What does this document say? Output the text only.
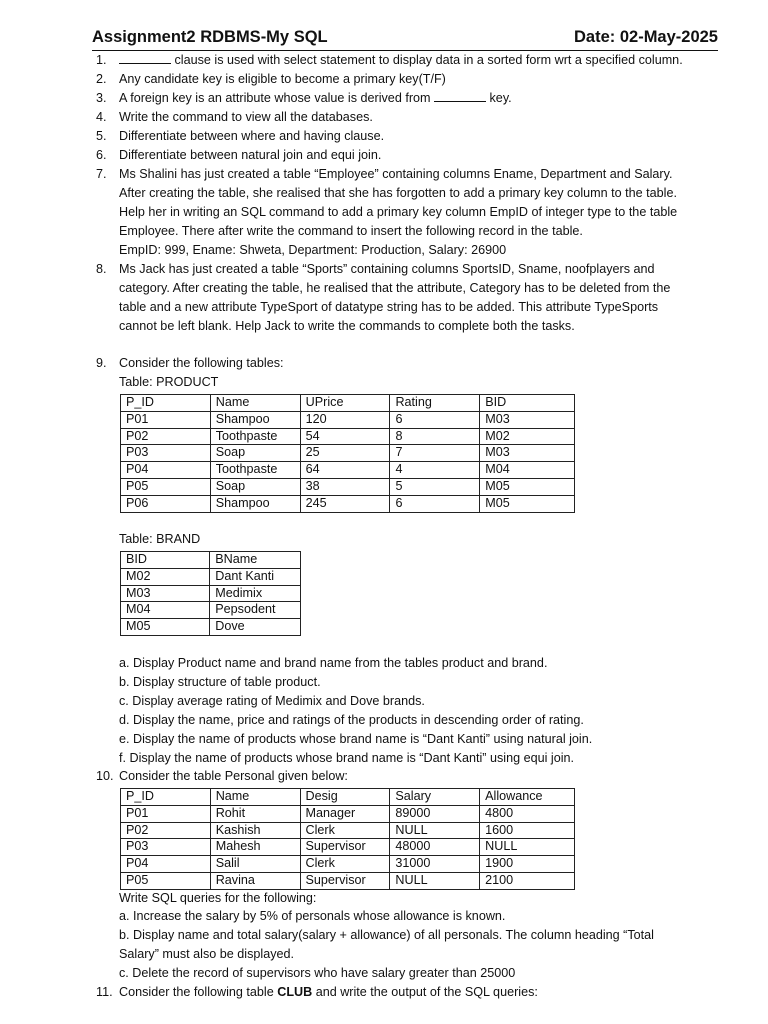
Assignment2 RDBMS-My SQL	Date: 02-May-2025
1.	clause is used with select statement to display data in a sorted form wrt a specified column.
2. Any candidate key is eligible to become a primary key(T/F)
3. A foreign key is an attribute whose value is derived from	key.
4. Write the command to view all the databases.
5. Differentiate between where and having clause.
6. Differentiate between natural join and equi join.
7. Ms Shalini has just created a table “Employee” containing columns Ename, Department and Salary.
After creating the table, she realised that she has forgotten to add a primary key column to the table.
Help her in writing an SQL command to add a primary key column EmpID of integer type to the table
Employee. There after write the command to insert the following record in the table.
EmpID: 999, Ename: Shweta, Department: Production, Salary: 26900
8. Ms Jack has just created a table “Sports” containing columns SportsID, Sname, noofplayers and
category. After creating the table, he realised that the attribute, Category has to be deleted from the
table and a new attribute TypeSport of datatype string has to be added. This attribute TypeSports
cannot be left blank. Help Jack to write the commands to complete both the tasks.
9. Consider the following tables:
Table: PRODUCT
P_ID	Name	UPrice	Rating	BID
P01	Shampoo	120	6	M03
P02	Toothpaste	54	8	M02
P03	Soap	25	7	M03
P04	Toothpaste	64	4	M04
P05	Soap	38	5	M05
P06	Shampoo	245	6	M05
Table: BRAND
BID	BName
M02	Dant Kanti
M03	Medimix
M04	Pepsodent
M05	Dove
a. Display Product name and brand name from the tables product and brand.
b. Display structure of table product.
c. Display average rating of Medimix and Dove brands.
d. Display the name, price and ratings of the products in descending order of rating.
e. Display the name of products whose brand name is “Dant Kanti” using natural join.
f. Display the name of products whose brand name is “Dant Kanti” using equi join.
10. Consider the table Personal given below:
P_ID	Name	Desig	Salary	Allowance
P01	Rohit	Manager	89000	4800
P02	Kashish	Clerk	NULL	1600
P03	Mahesh	Supervisor	48000	NULL
P04	Salil	Clerk	31000	1900
P05	Ravina	Supervisor	NULL	2100
Write SQL queries for the following:
a. Increase the salary by 5% of personals whose allowance is known.
b. Display name and total salary(salary + allowance) of all personals. The column heading “Total
Salary” must also be displayed.
c. Delete the record of supervisors who have salary greater than 25000
11. Consider the following table CLUB and write the output of the SQL queries:
